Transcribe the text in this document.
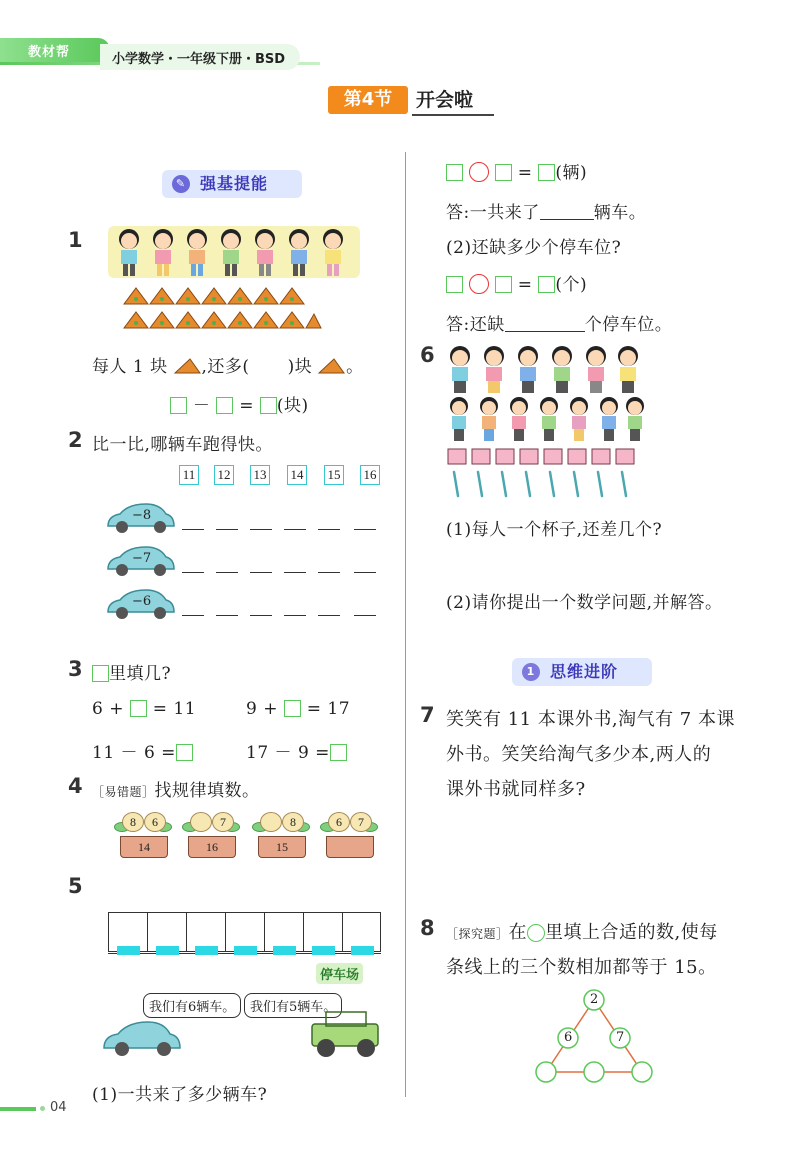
教材帮	小学数学・一年级下册・BSD
第4节	开会啦
✎ 强基提能
1
每人 1 块 ,还多( )块 。
－ = (块)
2 比一比,哪辆车跑得快。
11 12 13 14 15 16
−8
−7
−6
3	里填几?
6 + = 11	9 + = 17
11 － 6 =	17 － 9 =
4 ［易错题］找规律填数。
8	6
14
7
16
8
15
6	7
5
停车场
我们有6辆车。	我们有5辆车。
(1)一共来了多少辆车?
= (辆)
答:一共来了	辆车。
(2)还缺多少个停车位?
= (个)
答:还缺	个停车位。
6
(1)每人一个杯子,还差几个?
(2)请你提出一个数学问题,并解答。
1 思维进阶
7 笑笑有 11 本课外书,淘气有 7 本课
外书。笑笑给淘气多少本,两人的
课外书就同样多?
8 ［探究题］在 里填上合适的数,使每
条线上的三个数相加都等于 15。
2
6	7
04
